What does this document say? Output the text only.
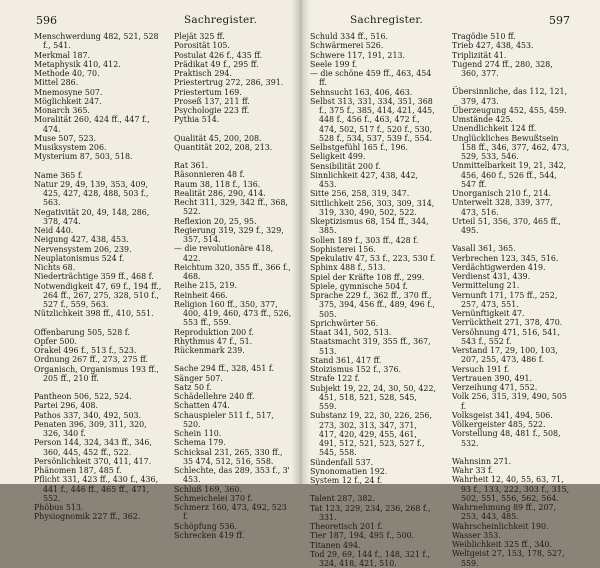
596	Sachregister.
Menschwerdung 482, 521, 528 f., 541.
Merkmal 187.
Metaphysik 410, 412.
Methode 40, 70.
Mittel 286.
Mnemosyne 507.
Möglichkeit 247.
Monarch 365.
Moralität 260, 424 ff., 447 f., 474.
Muse 507, 523.
Musiksystem 206.
Mysterium 87, 503, 518.
Name 365 f.
Natur 29, 49, 139, 353, 409, 425, 427, 428, 488, 503 f., 563.
Negativität 20, 49, 148, 286, 378, 474.
Neid 440.
Neigung 427, 438, 453.
Nervensystem 206, 239.
Neuplatonismus 524 f.
Nichts 68.
Niederträchtige 359 ff., 468 f.
Notwendigkeit 47, 69 f., 194 ff., 264 ff., 267, 275, 328, 510 f., 527 f., 559, 563.
Nützlichkeit 398 ff., 410, 551.
Offenbarung 505, 528 f.
Opfer 500.
Orakel 496 f., 513 f., 523.
Ordnung 267 ff., 273, 275 ff.
Organisch, Organismus 193 ff., 205 ff., 210 ff.
Pantheon 506, 522, 524.
Partei 296, 408.
Pathos 337, 340, 492, 503.
Penaten 396, 309, 311, 320, 326, 340 f.
Person 144, 324, 343 ff., 346, 360, 445, 452 ff., 522.
Persönlichkeit 370, 411, 417.
Phänomen 187, 485 f.
Pflicht 331, 423 ff., 430 f., 436, 441 f., 446 ff., 465 ff., 471, 552.
Phöbus 513.
Physiognomik 227 ff., 362.
Plejät 325 ff.
Porosität 105.
Postulat 426 f., 435 ff.
Prädikat 49 f., 295 ff.
Praktisch 294.
Priestertrug 272, 286, 391.
Priestertum 169.
Proseß 137, 211 ff.
Psychologie 223 ff.
Pythia 514.
Qualität 45, 200, 208.
Quantität 202, 208, 213.
Rat 361.
Räsonnieren 48 f.
Raum 38, 118 f., 136.
Realität 286, 290, 414.
Recht 311, 329, 342 ff., 368, 522.
Reflexion 20, 25, 95.
Regierung 319, 329 f., 329, 357, 514.
— die revolutionäre 418, 422.
Reichtum 320, 355 ff., 366 f., 468.
Reihe 215, 219.
Reinheit 466.
Religion 160 ff., 350, 377, 400, 419, 460, 473 ff., 526, 553 ff., 559.
Reproduktion 200 f.
Rhythmus 47 f., 51.
Rückenmark 239.
Sache 294 ff., 328, 451 f.
Sänger 507.
Satz 50 f.
Schädellehre 240 ff.
Schatten 474.
Schauspieler 511 f., 517, 520.
Schein 110.
Schema 179.
Schicksal 231, 265, 330 ff., 35 474, 512, 516, 558.
Schlechte, das 289, 353 f., 3' 453.
Schluß 169, 360.
Schmeichelei 370 f.
Schmerz 160, 473, 492, 523 f.
Schöpfung 536.
Schrecken 419 ff.
Sachregister.	597
Schuld 334 ff., 516.
Schwärmerei 526.
Schwere 117, 191, 213.
Seele 199 f.
— die schöne 459 ff., 463, 454 ff.
Sehnsucht 163, 406, 463.
Selbst 313, 331, 334, 351, 368 f., 375 f., 385, 414, 421, 445, 448 f., 456 f., 463, 472 f., 474, 502, 517 f., 520 f., 530, 528 f., 534, 537, 539 f., 554.
Selbstgefühl 165 f., 196.
Seligkeit 499.
Sensibilität 200 f.
Sinnlichkeit 427, 438, 442, 453.
Sitte 256, 258, 319, 347.
Sittlichkeit 256, 303, 309, 314, 319, 330, 490, 502, 522.
Skeptizismus 68, 154 ff., 344, 385.
Sollen 189 f., 303 ff., 428 f.
Sophisterei 156.
Spekulativ 47, 53 f., 223, 530 f.
Sphinx 488 f., 513.
Spiel der Kräfte 108 ff., 299.
Spiele, gymnische 504 f.
Sprache 229 f., 362 ff., 370 ff., 375, 394, 456 ff., 489, 496 f., 505.
Sprichwörter 56.
Staat 341, 502, 513.
Staatsmacht 319, 355 ff., 367, 513.
Stand 361, 417 ff.
Stoizismus 152 f., 376.
Strafe 122 f.
Subjekt 19, 22, 24, 30, 50, 422, 451, 518, 521, 528, 545, 559.
Substanz 19, 22, 30, 226, 256, 273, 302, 313, 347, 371, 417, 420, 429, 455, 461, 491, 512, 521, 523, 527 f., 545, 558.
Sündenfall 537.
Synonomatien 192.
System 12 f., 24 f.
Talent 287, 382.
Tat 123, 229, 234, 236, 268 f., 331.
Theoretisch 201 f.
Tier 187, 194, 495 f., 500.
Titanen 494.
Tod 29, 69, 144 f., 148, 321 f., 324, 418, 421, 510.
Tragödie 510 ff.
Trieb 427, 438, 453.
Triplizität 41.
Tugend 274 ff., 280, 328, 360, 377.
Übersinnliche, das 112, 121, 379, 473.
Überzeugung 452, 455, 459.
Umstände 425.
Unendlichkeit 124 ff.
Unglückliches Bewußtsein 158 ff., 346, 377, 462, 473, 529, 533, 546.
Unmittelbarkeit 19, 21, 342, 456, 460 f., 526 ff., 544, 547 ff.
Unorganisch 210 f., 214.
Unterwelt 328, 339, 377, 473, 516.
Urteil 51, 356, 370, 465 ff., 495.
Vasall 361, 365.
Verbrechen 123, 345, 516.
Verdächtigwerden 419.
Verdienst 431, 439.
Vermittelung 21.
Vernunft 171, 175 ff., 252, 257, 473, 551.
Vernünftigkeit 47.
Verrücktheit 271, 378, 470.
Versöhnung 471, 516, 541, 543 f., 552 f.
Verstand 17, 29, 100, 103, 207, 255, 473, 486 f.
Versuch 191 f.
Vertrauen 390, 491.
Verzeihung 471, 552.
Volk 256, 315, 319, 490, 505 f.
Volksgeist 341, 494, 506.
Völkergeister 485, 522.
Vorstellung 48, 481 f., 508, 532.
Wahnsinn 271.
Wahr 33 f.
Wahrheit 12, 40, 55, 63, 71, 93 f., 133, 222, 303 f., 315, 502, 551, 556, 562, 564.
Wahrnehmung 89 ff., 207, 253, 443, 485.
Wahrscheinlichkeit 190.
Wasser 353.
Weiblichkeit 325 ff., 340.
Weltgeist 27, 153, 178, 527, 559.
